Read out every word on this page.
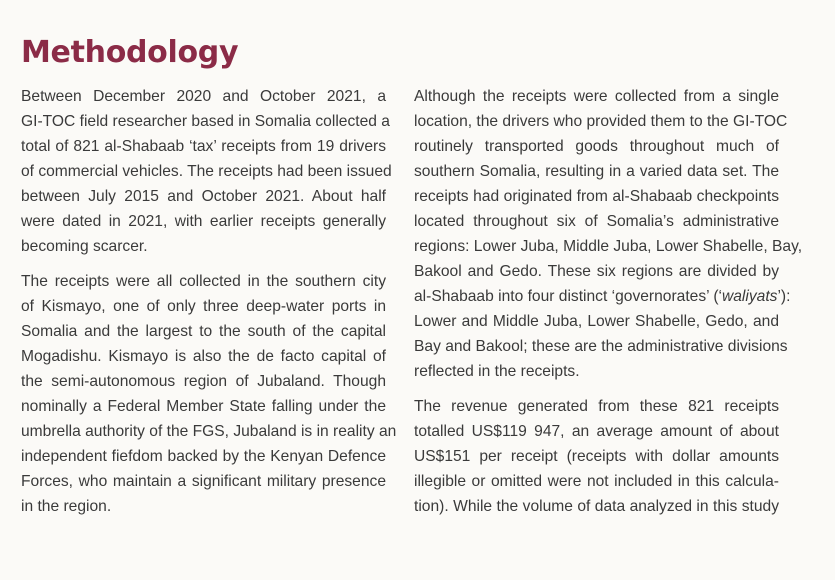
Methodology

Between December 2020 and October 2021, a
GI-TOC field researcher based in Somalia collected a
total of 821 al-Shabaab ‘tax’ receipts from 19 drivers
of commercial vehicles. The receipts had been issued
between July 2015 and October 2021. About half
were dated in 2021, with earlier receipts generally
becoming scarcer.

The receipts were all collected in the southern city
of Kismayo, one of only three deep-water ports in
Somalia and the largest to the south of the capital
Mogadishu. Kismayo is also the de facto capital of
the semi-autonomous region of Jubaland. Though
nominally a Federal Member State falling under the
umbrella authority of the FGS, Jubaland is in reality an
independent fiefdom backed by the Kenyan Defence
Forces, who maintain a significant military presence
in the region.

Although the receipts were collected from a single
location, the drivers who provided them to the GI-TOC
routinely transported goods throughout much of
southern Somalia, resulting in a varied data set. The
receipts had originated from al-Shabaab checkpoints
located throughout six of Somalia’s administrative
regions: Lower Juba, Middle Juba, Lower Shabelle, Bay,
Bakool and Gedo. These six regions are divided by
al-Shabaab into four distinct ‘governorates’ (‘waliyats’):
Lower and Middle Juba, Lower Shabelle, Gedo, and
Bay and Bakool; these are the administrative divisions
reflected in the receipts.

The revenue generated from these 821 receipts
totalled US$119 947, an average amount of about
US$151 per receipt (receipts with dollar amounts
illegible or omitted were not included in this calcula-
tion). While the volume of data analyzed in this study
